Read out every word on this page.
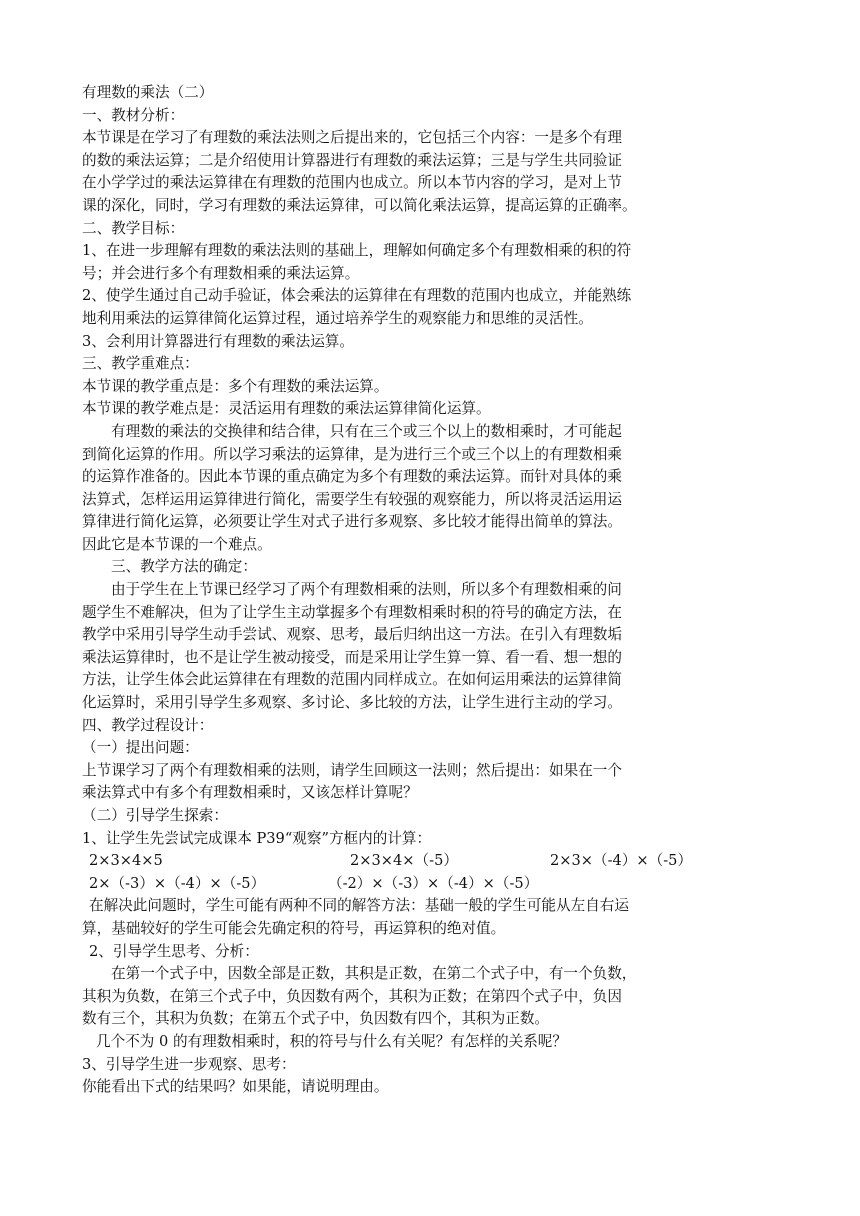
有理数的乘法（二）
一、教材分析：
本节课是在学习了有理数的乘法法则之后提出来的，它包括三个内容：一是多个有理
的数的乘法运算；二是介绍使用计算器进行有理数的乘法运算；三是与学生共同验证
在小学学过的乘法运算律在有理数的范围内也成立。所以本节内容的学习，是对上节
课的深化，同时，学习有理数的乘法运算律，可以简化乘法运算，提高运算的正确率。
二、教学目标：
1、在进一步理解有理数的乘法法则的基础上，理解如何确定多个有理数相乘的积的符
号；并会进行多个有理数相乘的乘法运算。
2、使学生通过自己动手验证，体会乘法的运算律在有理数的范围内也成立，并能熟练
地利用乘法的运算律简化运算过程，通过培养学生的观察能力和思维的灵活性。
3、会利用计算器进行有理数的乘法运算。
三、教学重难点：
本节课的教学重点是：多个有理数的乘法运算。
本节课的教学难点是：灵活运用有理数的乘法运算律简化运算。
有理数的乘法的交换律和结合律，只有在三个或三个以上的数相乘时，才可能起
到简化运算的作用。所以学习乘法的运算律，是为进行三个或三个以上的有理数相乘
的运算作准备的。因此本节课的重点确定为多个有理数的乘法运算。而针对具体的乘
法算式，怎样运用运算律进行简化，需要学生有较强的观察能力，所以将灵活运用运
算律进行简化运算，必须要让学生对式子进行多观察、多比较才能得出简单的算法。
因此它是本节课的一个难点。
三、教学方法的确定：
由于学生在上节课已经学习了两个有理数相乘的法则，所以多个有理数相乘的问
题学生不难解决，但为了让学生主动掌握多个有理数相乘时积的符号的确定方法，在
教学中采用引导学生动手尝试、观察、思考，最后归纳出这一方法。在引入有理数垢
乘法运算律时，也不是让学生被动接受，而是采用让学生算一算、看一看、想一想的
方法，让学生体会此运算律在有理数的范围内同样成立。在如何运用乘法的运算律简
化运算时，采用引导学生多观察、多讨论、多比较的方法，让学生进行主动的学习。
四、教学过程设计：
（一）提出问题：
上节课学习了两个有理数相乘的法则，请学生回顾这一法则；然后提出：如果在一个
乘法算式中有多个有理数相乘时，又该怎样计算呢？
（二）引导学生探索：
1、让学生先尝试完成课本 P39“观察”方框内的计算：
2×3×4×5	2×3×4×（-5）	2×3×（-4）×（-5）
2×（-3）×（-4）×（-5）	（-2）×（-3）×（-4）×（-5）
在解决此问题时，学生可能有两种不同的解答方法：基础一般的学生可能从左自右运
算，基础较好的学生可能会先确定积的符号，再运算积的绝对值。
2、引导学生思考、分析：
在第一个式子中，因数全部是正数，其积是正数，在第二个式子中，有一个负数，
其积为负数，在第三个式子中，负因数有两个，其积为正数；在第四个式子中，负因
数有三个，其积为负数；在第五个式子中，负因数有四个，其积为正数。
几个不为 0 的有理数相乘时，积的符号与什么有关呢？有怎样的关系呢？
3、引导学生进一步观察、思考：
你能看出下式的结果吗？如果能，请说明理由。
